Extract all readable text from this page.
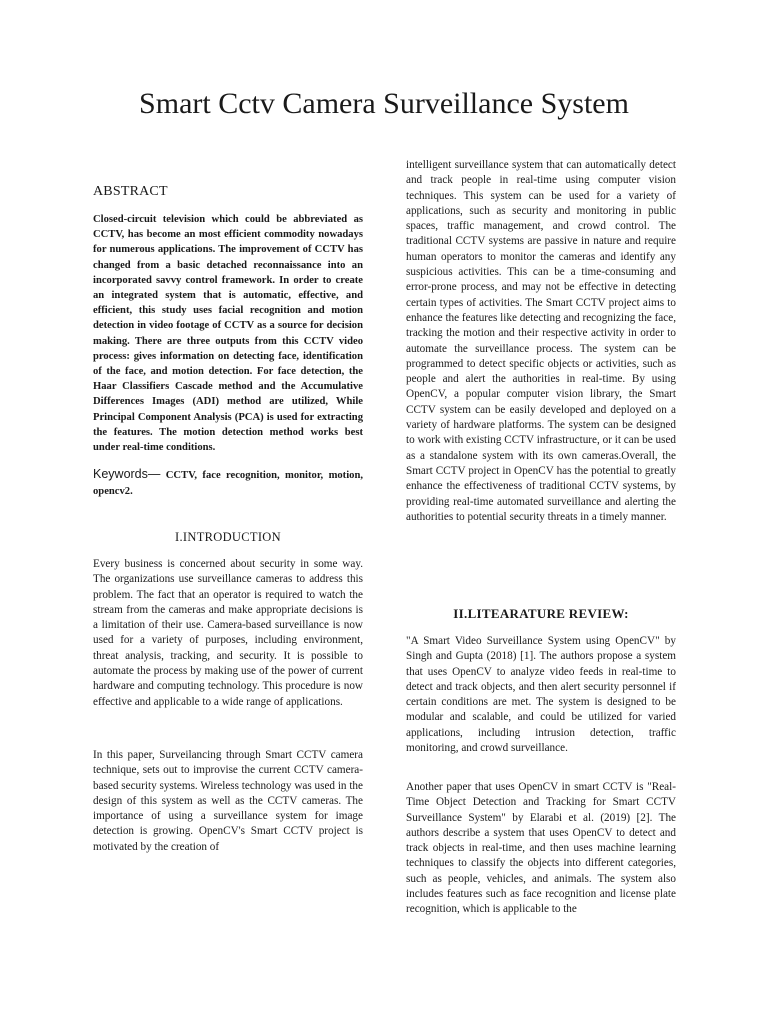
Smart Cctv Camera Surveillance System
ABSTRACT

Closed-circuit television which could be abbreviated as CCTV, has become an most efficient commodity nowadays for numerous applications. The improvement of CCTV has changed from a basic detached reconnaissance into an incorporated savvy control framework. In order to create an integrated system that is automatic, effective, and efficient, this study uses facial recognition and motion detection in video footage of CCTV as a source for decision making. There are three outputs from this CCTV video process: gives information on detecting face, identification of the face, and motion detection. For face detection, the Haar Classifiers Cascade method and the Accumulative Differences Images (ADI) method are utilized, While Principal Component Analysis (PCA) is used for extracting the features. The motion detection method works best under real-time conditions.

Keywords— CCTV, face recognition, monitor, motion, opencv2.

I.INTRODUCTION

Every business is concerned about security in some way. The organizations use surveillance cameras to address this problem. The fact that an operator is required to watch the stream from the cameras and make appropriate decisions is a limitation of their use. Camera-based surveillance is now used for a variety of purposes, including environment, threat analysis, tracking, and security. It is possible to automate the process by making use of the power of current hardware and computing technology. This procedure is now effective and applicable to a wide range of applications.

In this paper, Surveilancing through Smart CCTV camera technique, sets out to improvise the current CCTV camera-based security systems. Wireless technology was used in the design of this system as well as the CCTV cameras. The importance of using a surveillance system for image detection is growing. OpenCV's Smart CCTV project is motivated by the creation of

intelligent surveillance system that can automatically detect and track people in real-time using computer vision techniques. This system can be used for a variety of applications, such as security and monitoring in public spaces, traffic management, and crowd control. The traditional CCTV systems are passive in nature and require human operators to monitor the cameras and identify any suspicious activities. This can be a time-consuming and error-prone process, and may not be effective in detecting certain types of activities. The Smart CCTV project aims to enhance the features like detecting and recognizing the face, tracking the motion and their respective activity in order to automate the surveillance process. The system can be programmed to detect specific objects or activities, such as people and alert the authorities in real-time. By using OpenCV, a popular computer vision library, the Smart CCTV system can be easily developed and deployed on a variety of hardware platforms. The system can be designed to work with existing CCTV infrastructure, or it can be used as a standalone system with its own cameras.Overall, the Smart CCTV project in OpenCV has the potential to greatly enhance the effectiveness of traditional CCTV systems, by providing real-time automated surveillance and alerting the authorities to potential security threats in a timely manner.

II.LITEARATURE REVIEW:

"A Smart Video Surveillance System using OpenCV" by Singh and Gupta (2018) [1]. The authors propose a system that uses OpenCV to analyze video feeds in real-time to detect and track objects, and then alert security personnel if certain conditions are met. The system is designed to be modular and scalable, and could be utilized for varied applications, including intrusion detection, traffic monitoring, and crowd surveillance.

Another paper that uses OpenCV in smart CCTV is "Real-Time Object Detection and Tracking for Smart CCTV Surveillance System" by Elarabi et al. (2019) [2]. The authors describe a system that uses OpenCV to detect and track objects in real-time, and then uses machine learning techniques to classify the objects into different categories, such as people, vehicles, and animals. The system also includes features such as face recognition and license plate recognition, which is applicable to the
